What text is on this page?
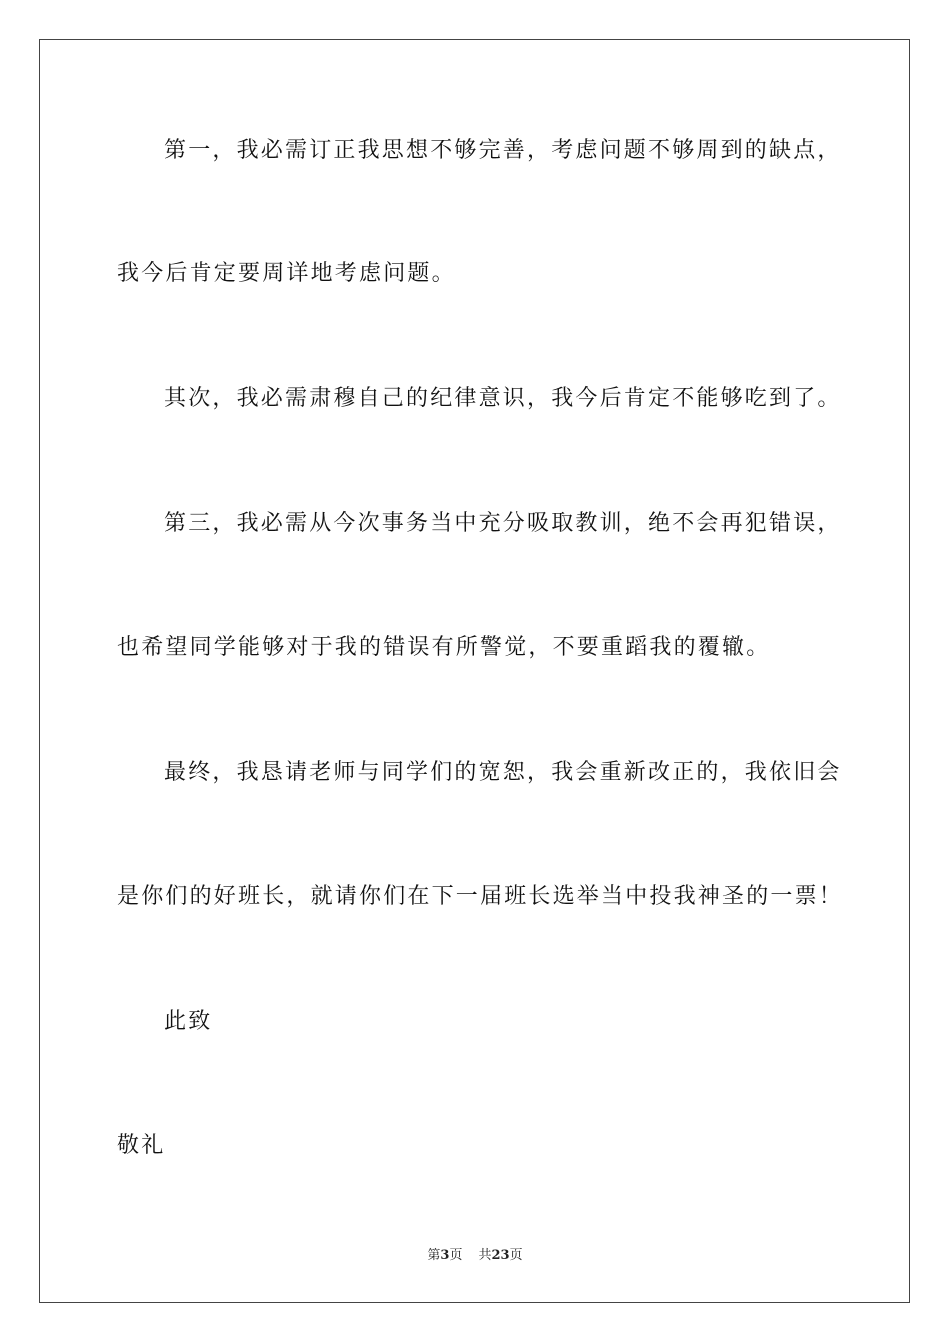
第一，我必需订正我思想不够完善，考虑问题不够周到的缺点，
我今后肯定要周详地考虑问题。
其次，我必需肃穆自己的纪律意识，我今后肯定不能够吃到了。
第三，我必需从今次事务当中充分吸取教训，绝不会再犯错误，
也希望同学能够对于我的错误有所警觉，不要重蹈我的覆辙。
最终，我恳请老师与同学们的宽恕，我会重新改正的，我依旧会
是你们的好班长，就请你们在下一届班长选举当中投我神圣的一票！
此致
敬礼
第3页 共23页
